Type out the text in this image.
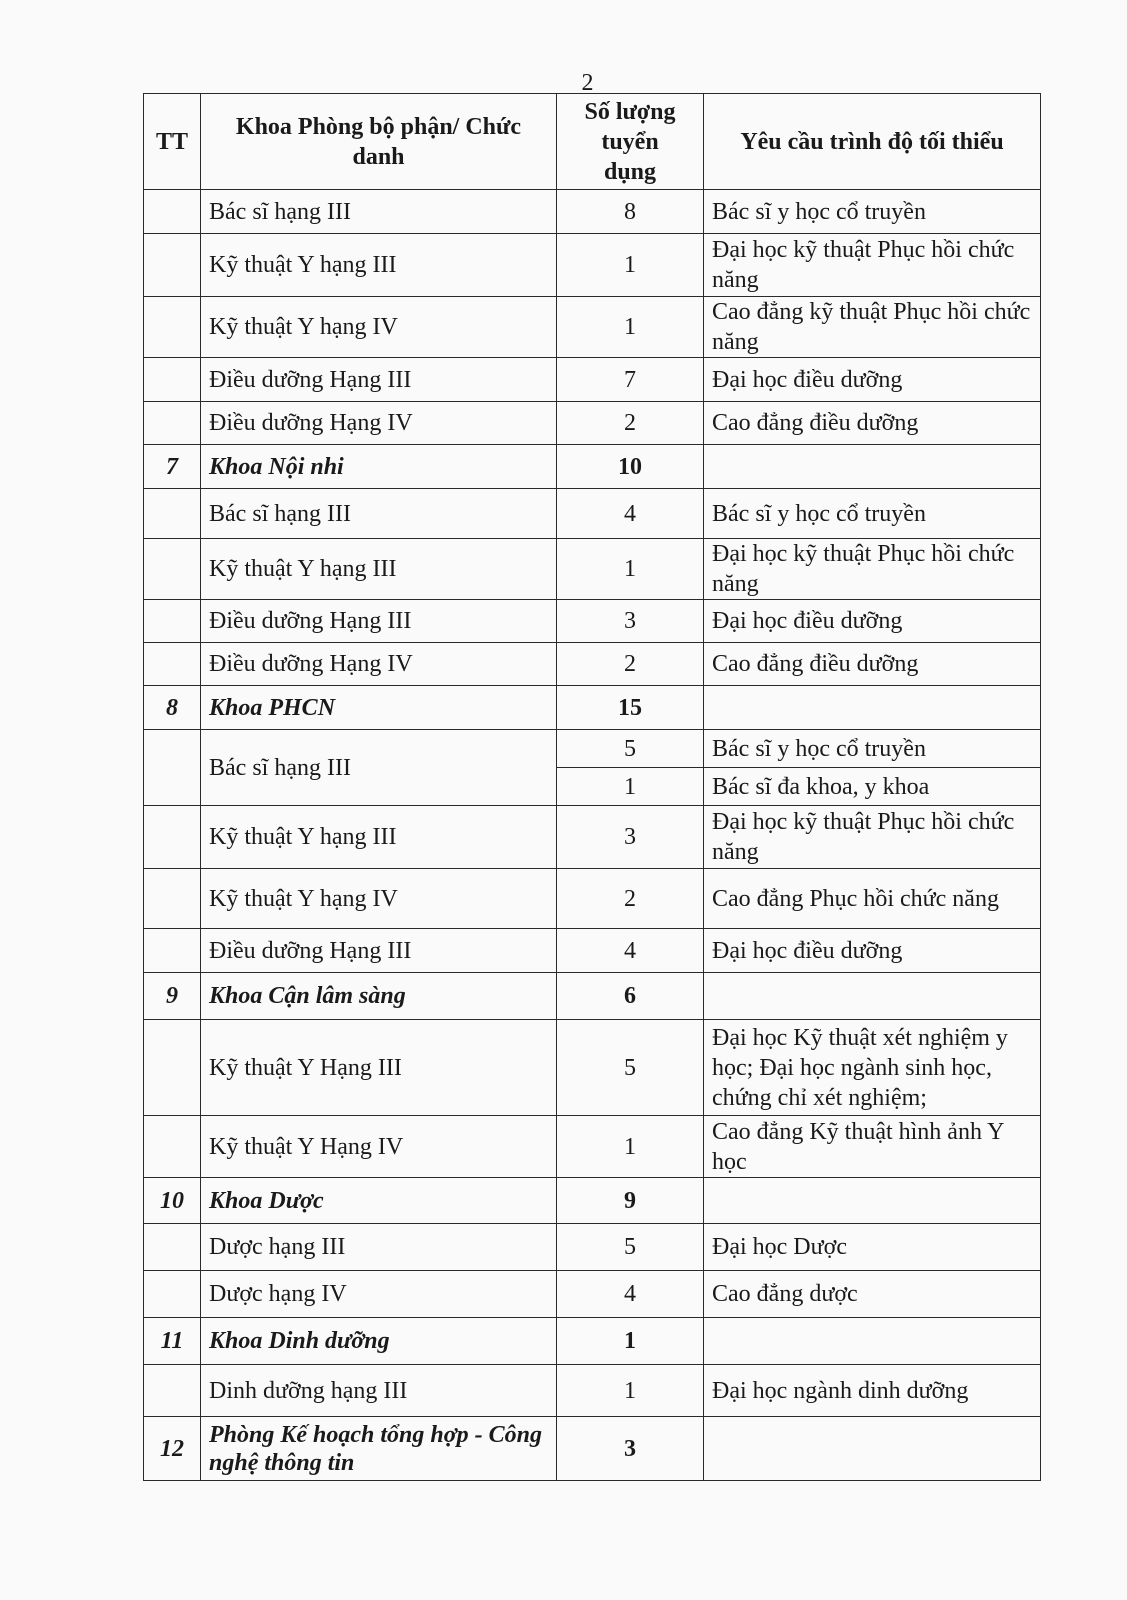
2
TT	Khoa Phòng bộ phận/ Chức danh	Số lượng tuyển dụng	Yêu cầu trình độ tối thiểu
	Bác sĩ hạng III	8	Bác sĩ y học cổ truyền
	Kỹ thuật Y hạng III	1	Đại học kỹ thuật Phục hồi chức năng
	Kỹ thuật Y hạng IV	1	Cao đẳng kỹ thuật Phục hồi chức năng
	Điều dưỡng Hạng III	7	Đại học điều dưỡng
	Điều dưỡng Hạng IV	2	Cao đẳng điều dưỡng
7	Khoa Nội nhi	10	
	Bác sĩ hạng III	4	Bác sĩ y học cổ truyền
	Kỹ thuật Y hạng III	1	Đại học kỹ thuật Phục hồi chức năng
	Điều dưỡng Hạng III	3	Đại học điều dưỡng
	Điều dưỡng Hạng IV	2	Cao đẳng điều dưỡng
8	Khoa PHCN	15	
	Bác sĩ hạng III	5	Bác sĩ y học cổ truyền
		1	Bác sĩ đa khoa, y khoa
	Kỹ thuật Y hạng III	3	Đại học kỹ thuật Phục hồi chức năng
	Kỹ thuật Y hạng IV	2	Cao đẳng Phục hồi chức năng
	Điều dưỡng Hạng III	4	Đại học điều dưỡng
9	Khoa Cận lâm sàng	6	
	Kỹ thuật Y Hạng III	5	Đại học Kỹ thuật xét nghiệm y học; Đại học ngành sinh học, chứng chỉ xét nghiệm;
	Kỹ thuật Y Hạng IV	1	Cao đẳng Kỹ thuật hình ảnh Y học
10	Khoa Dược	9	
	Dược hạng III	5	Đại học Dược
	Dược hạng IV	4	Cao đẳng dược
11	Khoa Dinh dưỡng	1	
	Dinh dưỡng hạng III	1	Đại học ngành dinh dưỡng
12	Phòng Kế hoạch tổng hợp - Công nghệ thông tin	3	
